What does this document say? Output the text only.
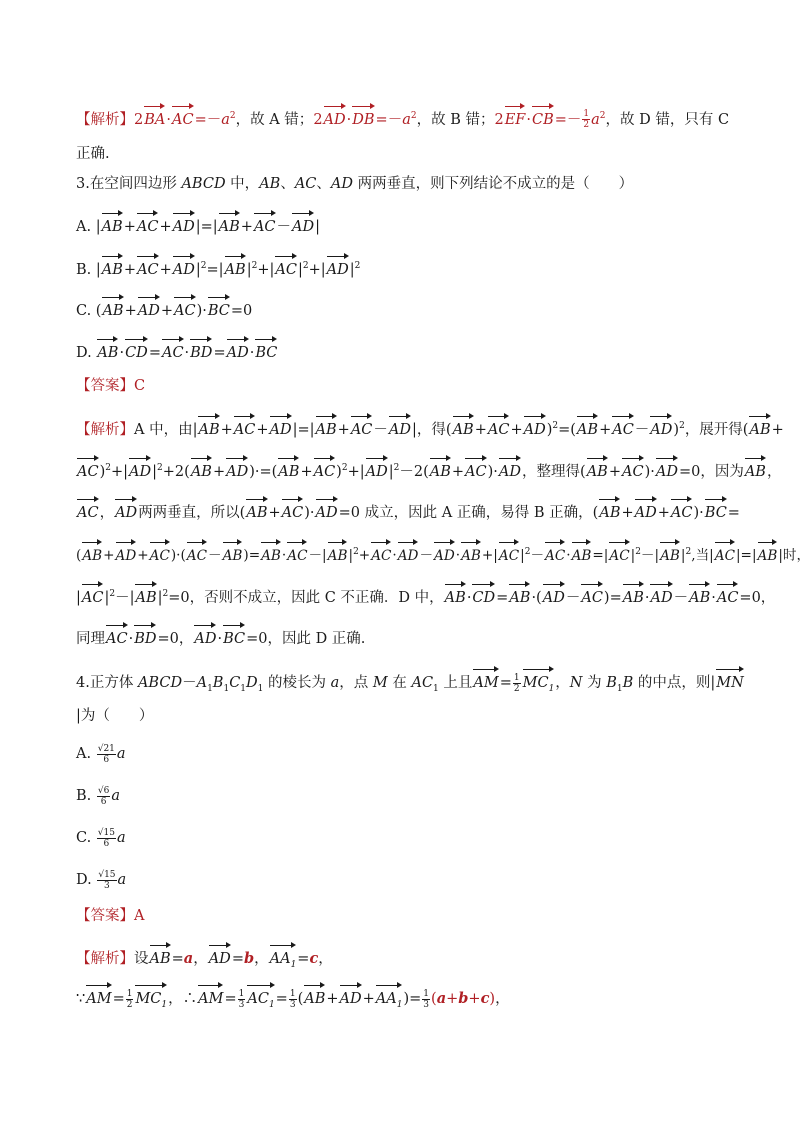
【解析】$2BA\cdot AC=-a^2$，故 A 错；$2AD\cdot DB=-a^2$，故 B 错；$2EF\cdot CB=- \frac{1}{2} a^2$，故 D 错，只有 C
正确.
3.在空间四边形 ABCD 中，AB、AC、AD 两两垂直，则下列结论不成立的是（　　）
A. |AB+AC+AD|=|AB+AC－AD|
B. $|AB+AC+AD|^2=|AB|^2+|AC|^2+|AD|^2$
C. (AB+AD+AC)·BC=0
D. AB·CD=AC·BD=AD·BC
【答案】C
【解析】A 中，由|AB+AC+AD|=|AB+AC－AD|，得$(AB+AC+AD)^2=(AB+AC-AD)^2$，展开得(AB+
$AC)^2+|AD|^2+2(AB+AD)\cdot=(AB+AC)^2+|AD|^2-2(AB+AC)\cdot AD$，整理得(AB+AC)·AD=0，因为AB，
AC，AD两两垂直，所以(AB+AC)·AD=0 成立，因此 A 正确，易得 B 正确，(AB+AD+AC)·BC=
$(AB+AD+AC)\cdot(AC-AB)=AB\cdot AC-|AB|^2+AC\cdot AD-AD\cdot AB+|AC|^2-AC\cdot AB=|AC|^2-|AB|^2$,当|AC|=|AB|时，
$|AC|^2-|AB|^2=0$，否则不成立，因此 C 不正确．D 中，AB·CD=AB·(AD－AC)=AB·AD－AB·AC=0，
同理AC·BD=0，AD·BC=0，因此 D 正确.
4.正方体 $ABCD-A_1B_1C_1D_1$ 的棱长为 a，点 M 在 $AC_1$ 上且$AM= \frac{1}{2} MC_1$，N 为 $B_1B$ 的中点，则|MN
|为（　　）
A. $\frac{√21}{6}$ a
B. $\frac{√6}{6}$ a
C. $\frac{√15}{6}$ a
D. $\frac{√15}{3}$ a
【答案】A
【解析】设AB=a，AD=b，$AA_1=c$，
∵AM= $\frac{1}{2} MC_1$，∴AM= $\frac{1}{3} AC_1= \frac{1}{3} (AB+AD+AA_1)= \frac{1}{3} (a+b+c)$，
